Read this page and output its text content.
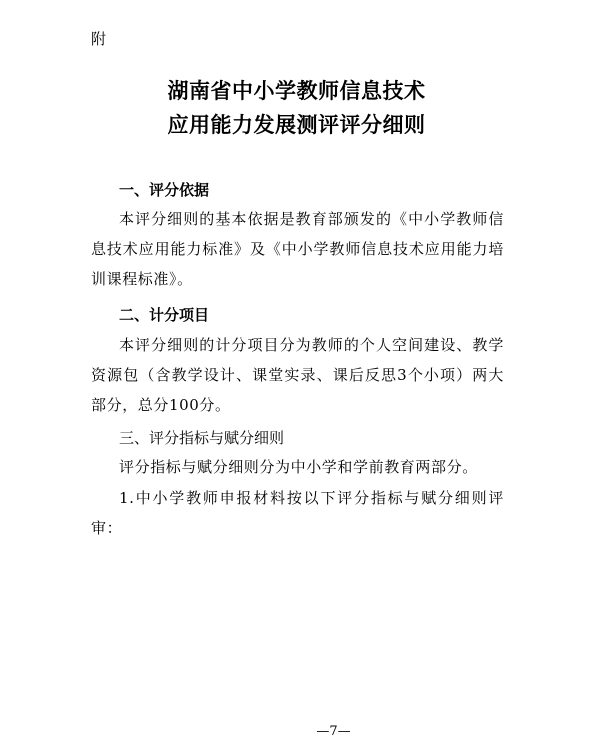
附

湖南省中小学教师信息技术
应用能力发展测评评分细则
一、评分依据

本评分细则的基本依据是教育部颁发的《中小学教师信息技术应用能力标准》及《中小学教师信息技术应用能力培训课程标准》。

二、计分项目

本评分细则的计分项目分为教师的个人空间建设、教学资源包（含教学设计、课堂实录、课后反思3个小项）两大部分，总分100分。

三、评分指标与赋分细则

评分指标与赋分细则分为中小学和学前教育两部分。

1.中小学教师申报材料按以下评分指标与赋分细则评审：

—7—
